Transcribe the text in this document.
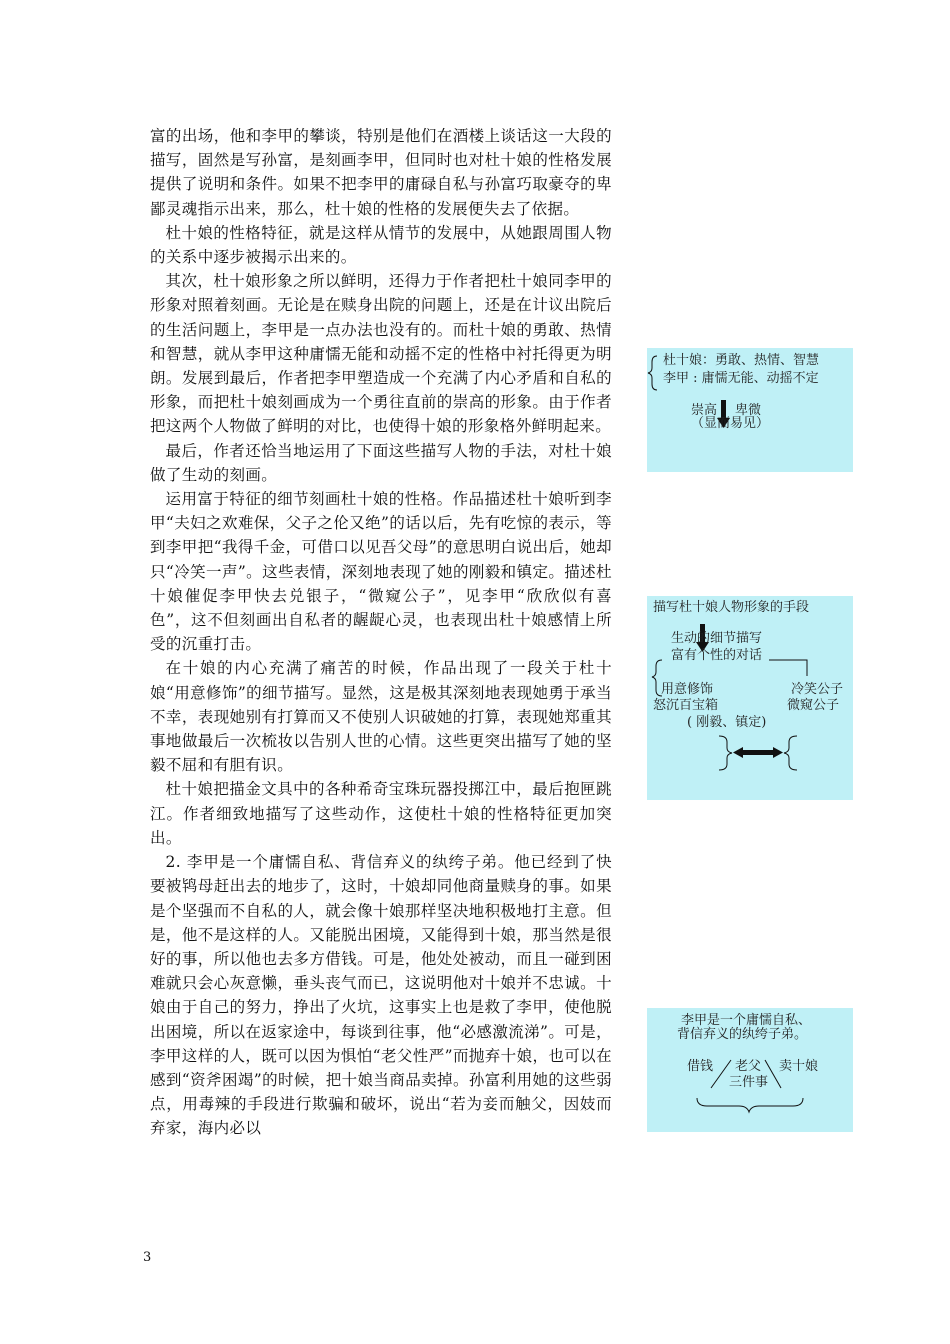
富的出场，他和李甲的攀谈，特别是他们在酒楼上谈话这一大段的描写，固然是写孙富，是刻画李甲，但同时也对杜十娘的性格发展提供了说明和条件。如果不把李甲的庸碌自私与孙富巧取豪夺的卑鄙灵魂指示出来，那么，杜十娘的性格的发展便失去了依据。

杜十娘的性格特征，就是这样从情节的发展中，从她跟周围人物的关系中逐步被揭示出来的。

其次，杜十娘形象之所以鲜明，还得力于作者把杜十娘同李甲的形象对照着刻画。无论是在赎身出院的问题上，还是在计议出院后的生活问题上，李甲是一点办法也没有的。而杜十娘的勇敢、热情和智慧，就从李甲这种庸懦无能和动摇不定的性格中衬托得更为明朗。发展到最后，作者把李甲塑造成一个充满了内心矛盾和自私的形象，而把杜十娘刻画成为一个勇往直前的崇高的形象。由于作者把这两个人物做了鲜明的对比，也使得十娘的形象格外鲜明起来。

最后，作者还恰当地运用了下面这些描写人物的手法，对杜十娘做了生动的刻画。

运用富于特征的细节刻画杜十娘的性格。作品描述杜十娘听到李甲“夫妇之欢难保，父子之伦又绝”的话以后，先有吃惊的表示，等到李甲把“我得千金，可借口以见吾父母”的意思明白说出后，她却只“冷笑一声”。这些表情，深刻地表现了她的刚毅和镇定。描述杜十娘催促李甲快去兑银子，“微窥公子”，见李甲“欣欣似有喜色”，这不但刻画出自私者的龌龊心灵，也表现出杜十娘感情上所受的沉重打击。

在十娘的内心充满了痛苦的时候，作品出现了一段关于杜十娘“用意修饰”的细节描写。显然，这是极其深刻地表现她勇于承当不幸，表现她别有打算而又不使别人识破她的打算，表现她郑重其事地做最后一次梳妆以告别人世的心情。这些更突出描写了她的坚毅不屈和有胆有识。

杜十娘把描金文具中的各种希奇宝珠玩器投掷江中，最后抱匣跳江。作者细致地描写了这些动作，这使杜十娘的性格特征更加突出。

2. 李甲是一个庸懦自私、背信弃义的纨绔子弟。他已经到了快要被鸨母赶出去的地步了，这时，十娘却同他商量赎身的事。如果是个坚强而不自私的人，就会像十娘那样坚决地积极地打主意。但是，他不是这样的人。又能脱出困境，又能得到十娘，那当然是很好的事，所以他也去多方借钱。可是，他处处被动，而且一碰到困难就只会心灰意懒，垂头丧气而已，这说明他对十娘并不忠诚。十娘由于自己的努力，挣出了火坑，这事实上也是救了李甲，使他脱出困境，所以在返家途中，每谈到往事，他“必感激流涕”。可是，李甲这样的人，既可以因为惧怕“老父性严”而抛弃十娘，也可以在感到“资斧困竭”的时候，把十娘当商品卖掉。孙富利用她的这些弱点，用毒辣的手段进行欺骗和破坏，说出“若为妾而触父，因妓而弃家，海内必以

3
杜十娘：勇敢、热情、智慧
李甲 : 庸懦无能、动摇不定
崇高 卑微
（显而易见）
描写杜十娘人物形象的手段
生动的细节描写
富有个性的对话
用意修饰
怒沉百宝箱
( 刚毅、镇定)
冷笑公子
微窥公子
李甲是一个庸懦自私、
背信弃义的纨绔子弟。
借钱 老父 卖十娘
三件事
